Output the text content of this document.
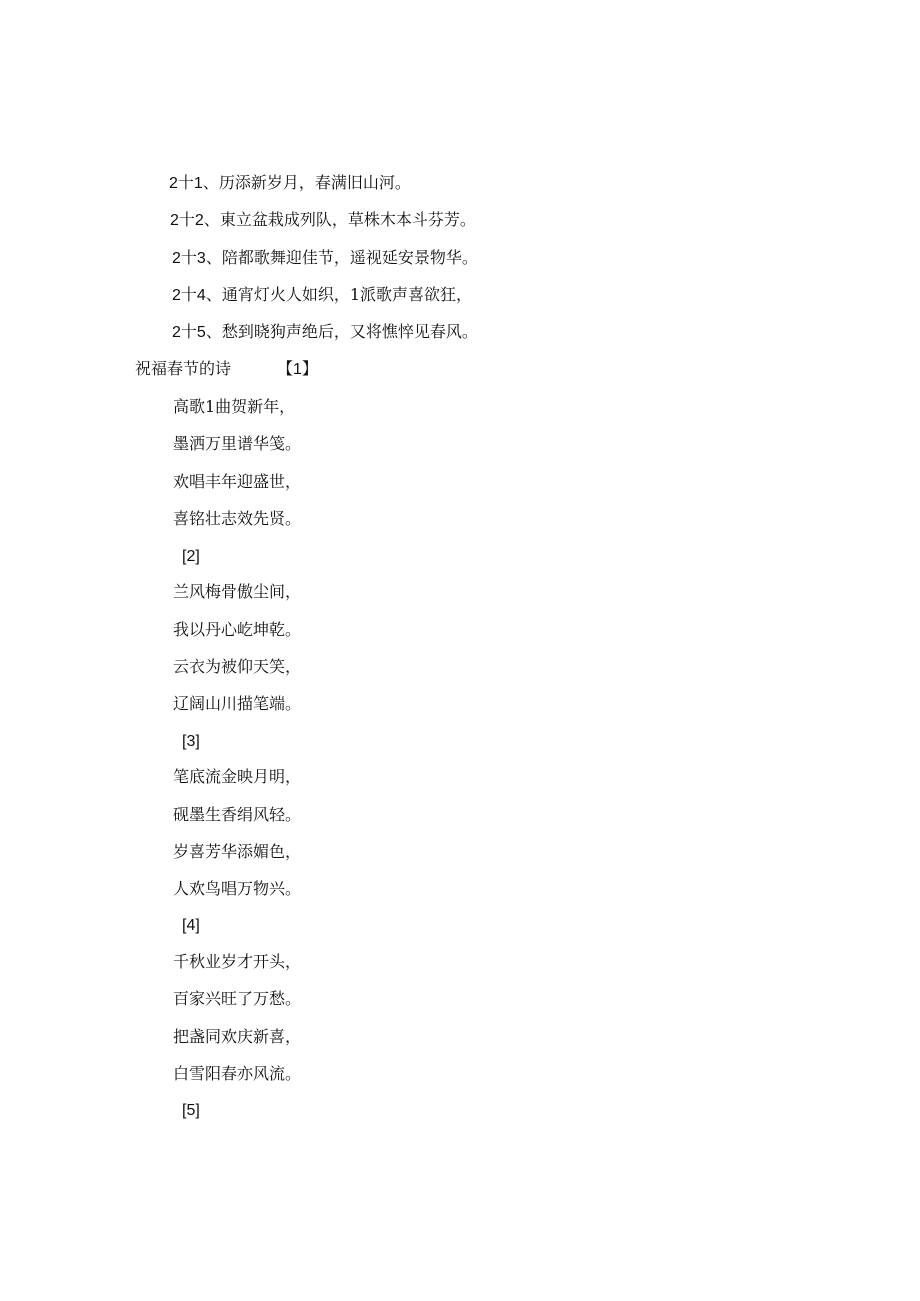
2十1、历添新岁月，春满旧山河。
2十2、東立盆栽成列队，草株木本斗芬芳。
2十3、陪都歌舞迎佳节，遥视延安景物华。
2十4、通宵灯火人如织，1派歌声喜欲狂，
2十5、愁到晓狗声绝后，又将憔悴见春风。
祝福春节的诗	【1】
高歌1曲贺新年，
墨洒万里谱华笺。
欢唱丰年迎盛世，
喜铭壮志效先贤。
[2]
兰风梅骨傲尘间，
我以丹心屹坤乾。
云衣为被仰天笑，
辽阔山川描笔端。
[3]
笔底流金映月明，
砚墨生香绢风轻。
岁喜芳华添媚色，
人欢鸟唱万物兴。
[4]
千秋业岁才开头，
百家兴旺了万愁。
把盏同欢庆新喜，
白雪阳春亦风流。
[5]
